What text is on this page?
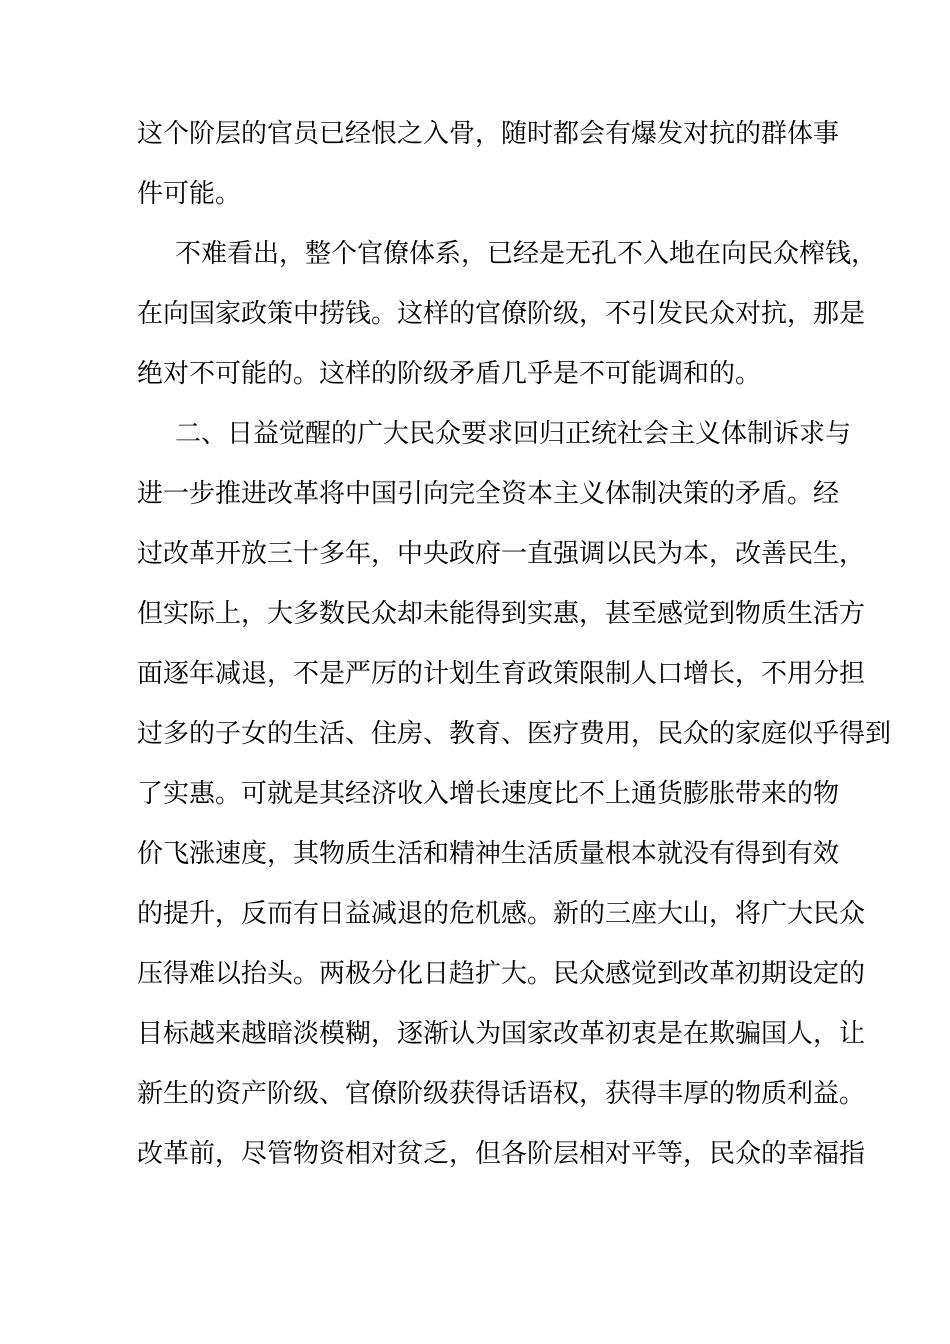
这个阶层的官员已经恨之入骨，随时都会有爆发对抗的群体事
件可能。
不难看出，整个官僚体系，已经是无孔不入地在向民众榨钱，
在向国家政策中捞钱。这样的官僚阶级，不引发民众对抗，那是
绝对不可能的。这样的阶级矛盾几乎是不可能调和的。
二、日益觉醒的广大民众要求回归正统社会主义体制诉求与
进一步推进改革将中国引向完全资本主义体制决策的矛盾。经
过改革开放三十多年，中央政府一直强调以民为本，改善民生，
但实际上，大多数民众却未能得到实惠，甚至感觉到物质生活方
面逐年减退，不是严厉的计划生育政策限制人口增长，不用分担
过多的子女的生活、住房、教育、医疗费用，民众的家庭似乎得到
了实惠。可就是其经济收入增长速度比不上通货膨胀带来的物
价飞涨速度，其物质生活和精神生活质量根本就没有得到有效
的提升，反而有日益减退的危机感。新的三座大山，将广大民众
压得难以抬头。两极分化日趋扩大。民众感觉到改革初期设定的
目标越来越暗淡模糊，逐渐认为国家改革初衷是在欺骗国人，让
新生的资产阶级、官僚阶级获得话语权，获得丰厚的物质利益。
改革前，尽管物资相对贫乏，但各阶层相对平等，民众的幸福指
